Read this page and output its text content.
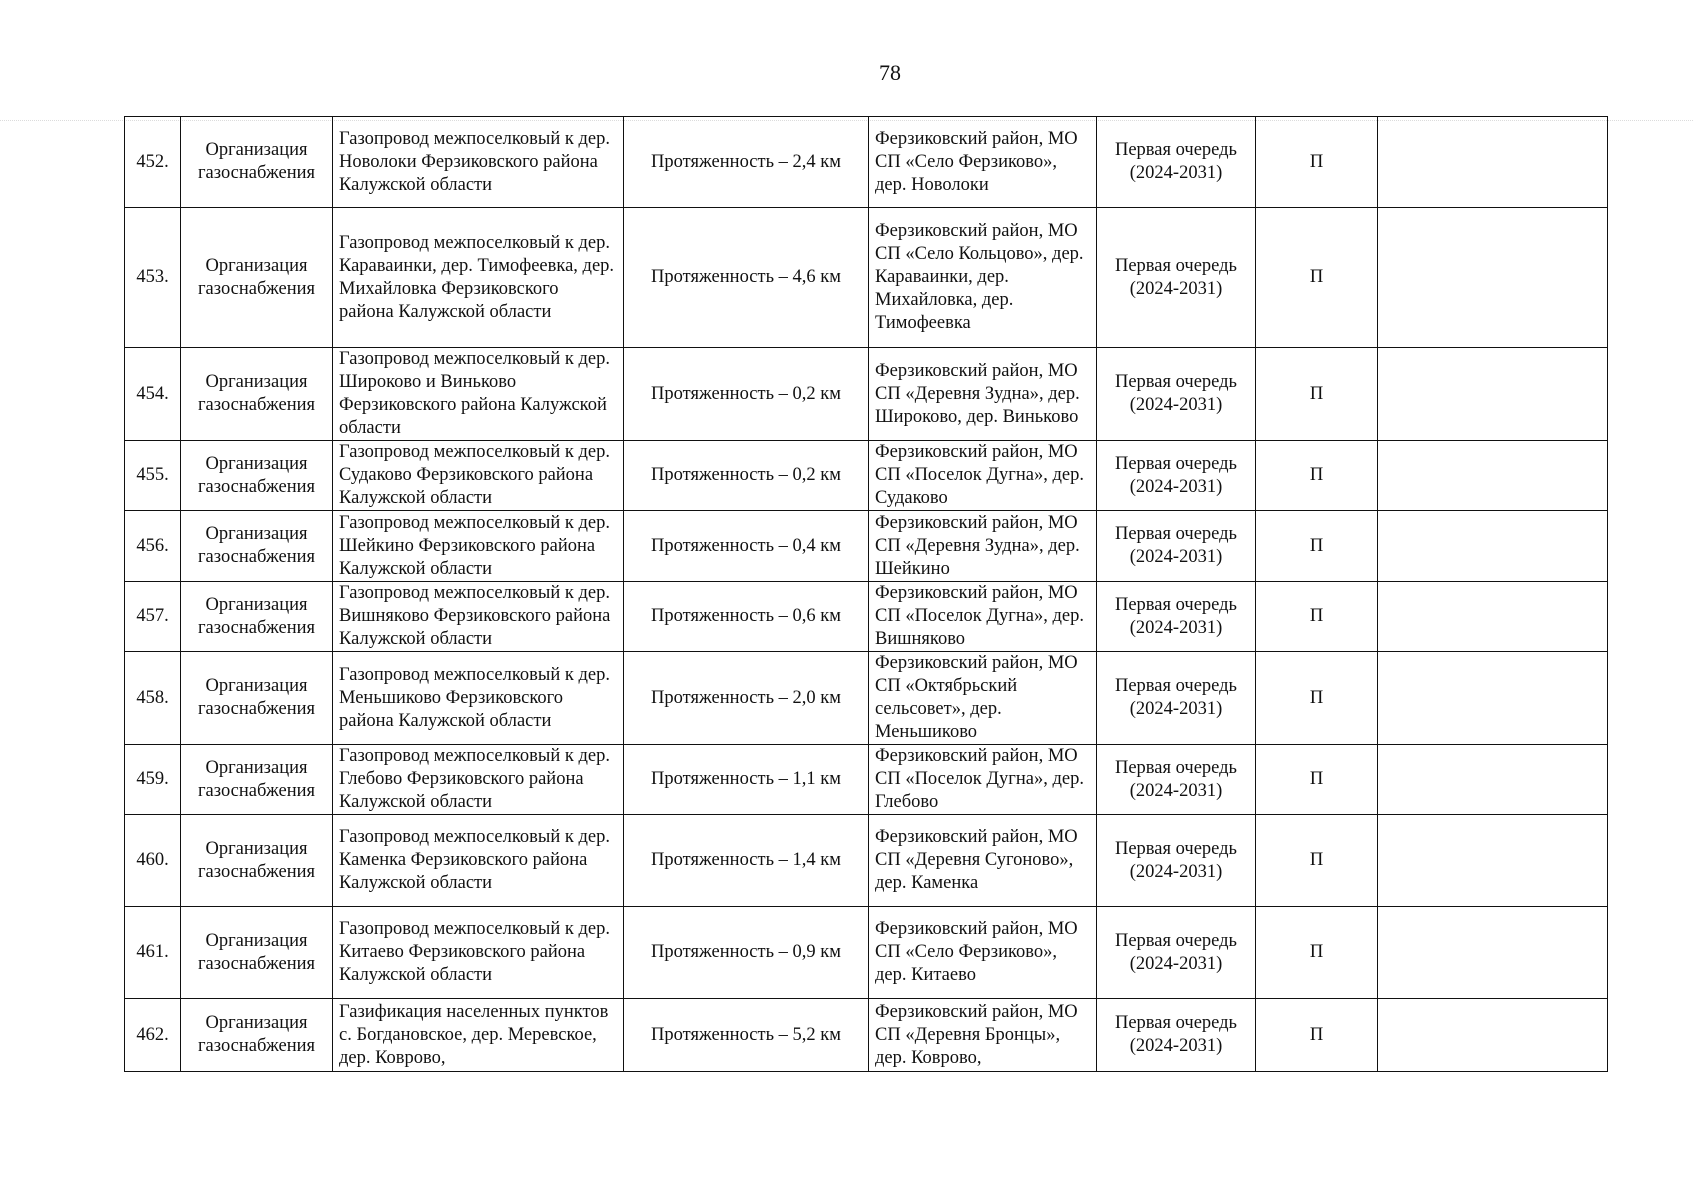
78
452.	Организация газоснабжения	Газопровод межпоселковый к дер. Новолоки Ферзиковского района Калужской области	Протяженность – 2,4 км	Ферзиковский район, МО СП «Село Ферзиково», дер. Новолоки	Первая очередь (2024-2031)	П	
453.	Организация газоснабжения	Газопровод межпоселковый к дер. Караваинки, дер. Тимофеевка, дер. Михайловка Ферзиковского района Калужской области	Протяженность – 4,6 км	Ферзиковский район, МО СП «Село Кольцово», дер. Караваинки, дер. Михайловка, дер. Тимофеевка	Первая очередь (2024-2031)	П	
454.	Организация газоснабжения	Газопровод межпоселковый к дер. Широково и Виньково Ферзиковского района Калужской области	Протяженность – 0,2 км	Ферзиковский район, МО СП «Деревня Зудна», дер. Широково, дер. Виньково	Первая очередь (2024-2031)	П	
455.	Организация газоснабжения	Газопровод межпоселковый к дер. Судаково Ферзиковского района Калужской области	Протяженность – 0,2 км	Ферзиковский район, МО СП «Поселок Дугна», дер. Судаково	Первая очередь (2024-2031)	П	
456.	Организация газоснабжения	Газопровод межпоселковый к дер. Шейкино Ферзиковского района Калужской области	Протяженность – 0,4 км	Ферзиковский район, МО СП «Деревня Зудна», дер. Шейкино	Первая очередь (2024-2031)	П	
457.	Организация газоснабжения	Газопровод межпоселковый к дер. Вишняково Ферзиковского района Калужской области	Протяженность – 0,6 км	Ферзиковский район, МО СП «Поселок Дугна», дер. Вишняково	Первая очередь (2024-2031)	П	
458.	Организация газоснабжения	Газопровод межпоселковый к дер. Меньшиково Ферзиковского района Калужской области	Протяженность – 2,0 км	Ферзиковский район, МО СП «Октябрьский сельсовет», дер. Меньшиково	Первая очередь (2024-2031)	П	
459.	Организация газоснабжения	Газопровод межпоселковый к дер. Глебово Ферзиковского района Калужской области	Протяженность – 1,1 км	Ферзиковский район, МО СП «Поселок Дугна», дер. Глебово	Первая очередь (2024-2031)	П	
460.	Организация газоснабжения	Газопровод межпоселковый к дер. Каменка Ферзиковского района Калужской области	Протяженность – 1,4 км	Ферзиковский район, МО СП «Деревня Сугоново», дер. Каменка	Первая очередь (2024-2031)	П	
461.	Организация газоснабжения	Газопровод межпоселковый к дер. Китаево Ферзиковского района Калужской области	Протяженность – 0,9 км	Ферзиковский район, МО СП «Село Ферзиково», дер. Китаево	Первая очередь (2024-2031)	П	
462.	Организация газоснабжения	Газификация населенных пунктов с. Богдановское, дер. Меревское, дер. Коврово,	Протяженность – 5,2 км	Ферзиковский район, МО СП «Деревня Бронцы», дер. Коврово,	Первая очередь (2024-2031)	П	
